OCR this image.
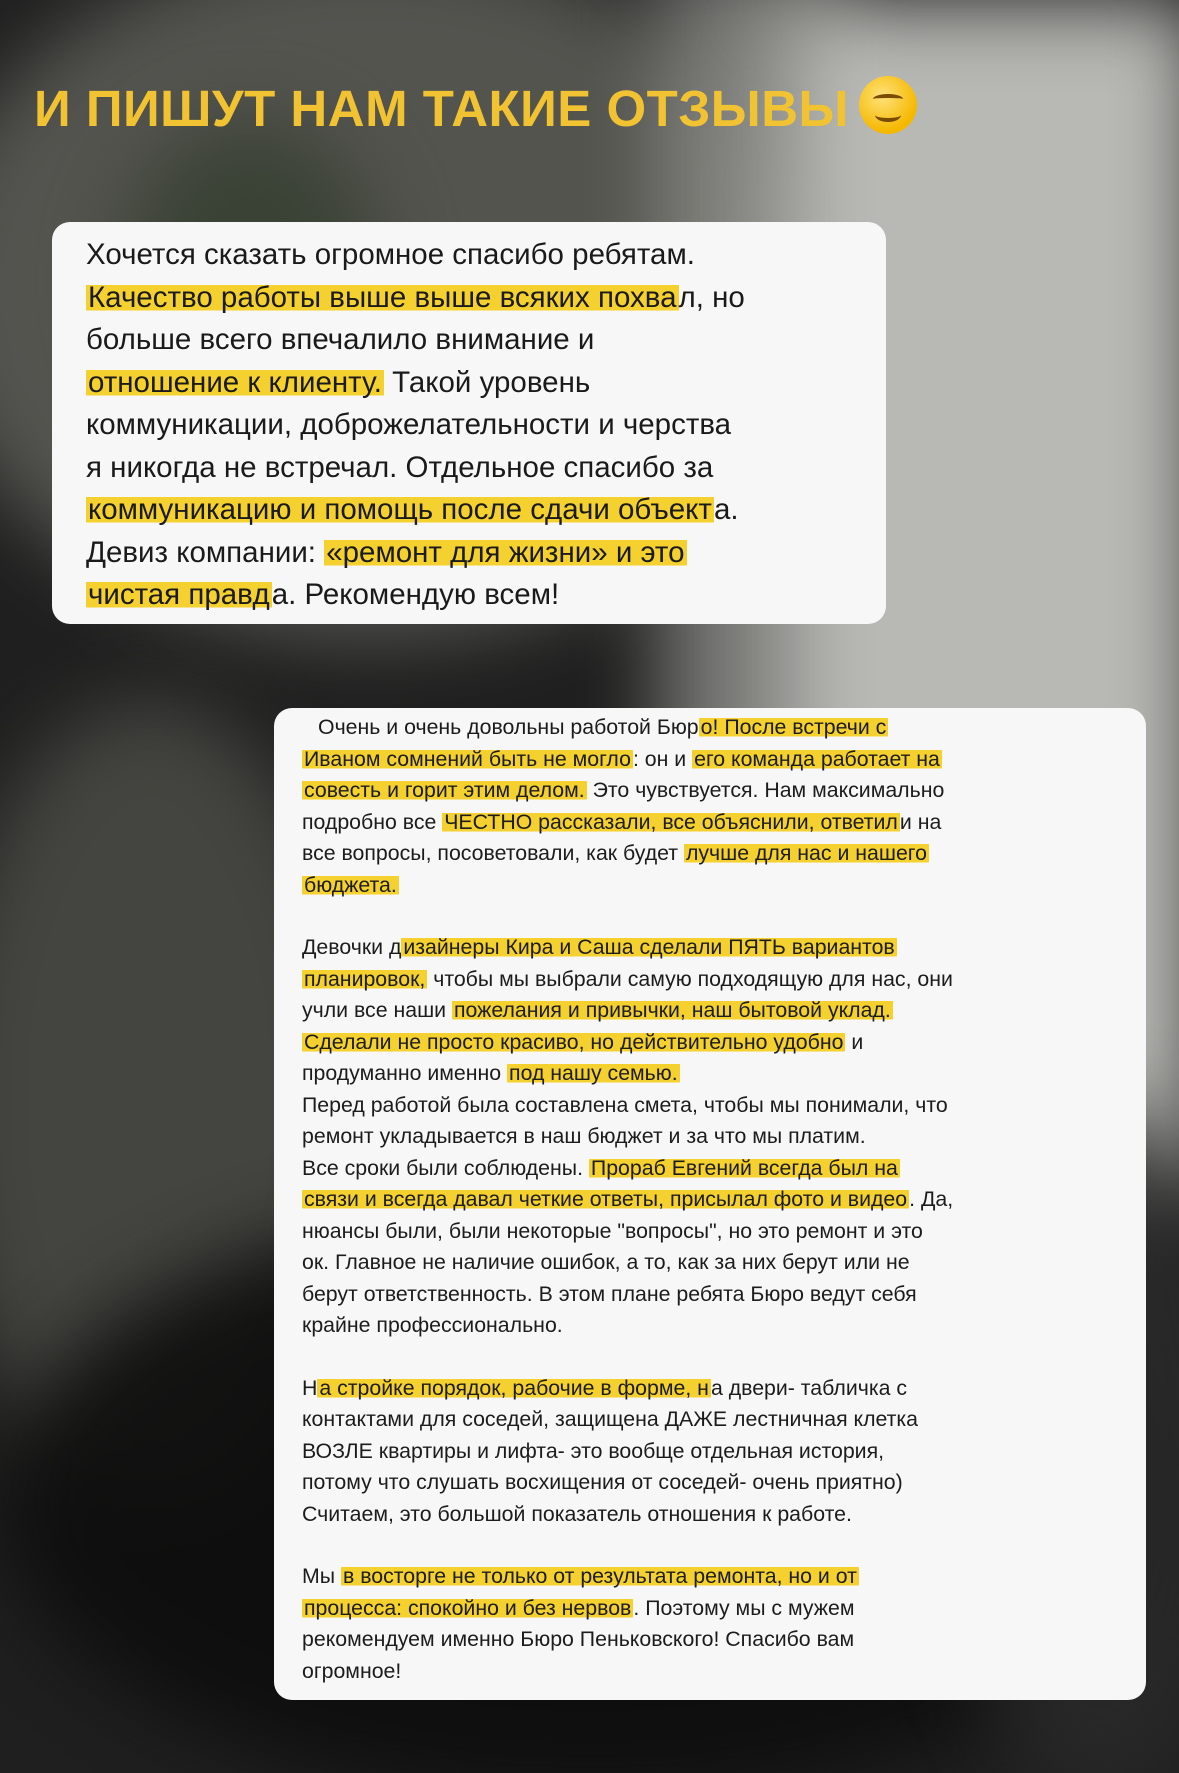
И ПИШУТ НАМ ТАКИЕ ОТЗЫВЫ

Хочется сказать огромное спасибо ребятам.

Качество работы выше выше всяких похвал, но

больше всего впечалило внимание и

отношение к клиенту. Такой уровень

коммуникации, доброжелательности и черства

я никогда не встречал. Отдельное спасибо за

коммуникацию и помощь после сдачи объекта.

Девиз компании: «ремонт для жизни» и это

чистая правда. Рекомендую всем!

Очень и очень довольны работой Бюро! После встречи с

Иваном сомнений быть не могло: он и его команда работает на

совесть и горит этим делом. Это чувствуется. Нам максимально

подробно все ЧЕСТНО рассказали, все объяснили, ответили на

все вопросы, посоветовали, как будет лучше для нас и нашего

бюджета.

Девочки дизайнеры Кира и Саша сделали ПЯТЬ вариантов

планировок, чтобы мы выбрали самую подходящую для нас, они

учли все наши пожелания и привычки, наш бытовой уклад.

Сделали не просто красиво, но действительно удобно и

продуманно именно под нашу семью.

Перед работой была составлена смета, чтобы мы понимали, что

ремонт укладывается в наш бюджет и за что мы платим.

Все сроки были соблюдены. Прораб Евгений всегда был на

связи и всегда давал четкие ответы, присылал фото и видео. Да,

нюансы были, были некоторые "вопросы", но это ремонт и это

ок. Главное не наличие ошибок, а то, как за них берут или не

берут ответственность. В этом плане ребята Бюро ведут себя

крайне профессионально.

На стройке порядок, рабочие в форме, на двери- табличка с

контактами для соседей, защищена ДАЖЕ лестничная клетка

ВОЗЛЕ квартиры и лифта- это вообще отдельная история,

потому что слушать восхищения от соседей- очень приятно)

Считаем, это большой показатель отношения к работе.

Мы в восторге не только от результата ремонта, но и от

процесса: спокойно и без нервов. Поэтому мы с мужем

рекомендуем именно Бюро Пеньковского! Спасибо вам

огромное!
